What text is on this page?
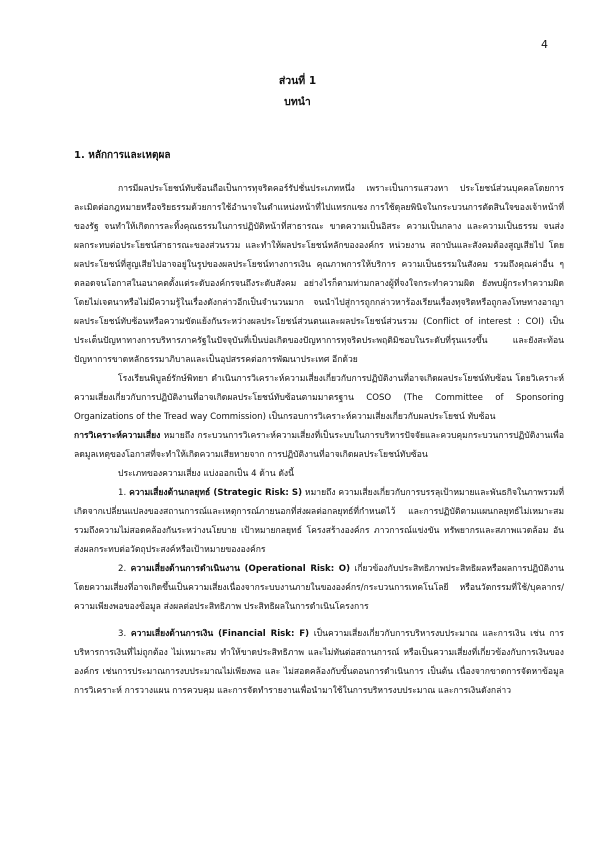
4
ส่วนที่ 1
บทนำ
1. หลักการและเหตุผล

การมีผลประโยชน์ทับซ้อนถือเป็นการทุจริตคอร์รัปชั่นประเภทหนึ่ง เพราะเป็นการแสวงหา ประโยชน์ส่วนบุคคลโดยการละเมิดต่อกฎหมายหรือจริยธรรมด้วยการใช้อำนาจในตำแหน่งหน้าที่ไปแทรกแซง การใช้ดุลยพินิจในกระบวนการตัดสินใจของเจ้าหน้าที่ของรัฐ จนทำให้เกิดการละทิ้งคุณธรรมในการปฏิบัติหน้าที่สาธารณะ ขาดความเป็นอิสระ ความเป็นกลาง และความเป็นธรรม จนส่งผลกระทบต่อประโยชน์สาธารณะของส่วนรวม และทำให้ผลประโยชน์หลักขององค์กร หน่วยงาน สถาบันและสังคมต้องสูญเสียไป โดยผลประโยชน์ที่สูญเสียไปอาจอยู่ในรูปของผลประโยชน์ทางการเงิน คุณภาพการให้บริการ ความเป็นธรรมในสังคม รวมถึงคุณค่าอื่น ๆ ตลอดจนโอกาสในอนาคตตั้งแต่ระดับองค์กรจนถึงระดับสังคม อย่างไรก็ตามท่ามกลางผู้ที่จงใจกระทำความผิด ยังพบผู้กระทำความผิดโดยไม่เจตนาหรือไม่มีความรู้ในเรื่องดังกล่าวอีกเป็นจำนวนมาก จนนำไปสู่การถูกกล่าวหาร้องเรียนเรื่องทุจริตหรือถูกลงโทษทางอาญาผลประโยชน์ทับซ้อนหรือความขัดแย้งกันระหว่างผลประโยชน์ส่วนตนและผลประโยชน์ส่วนรวม (Conflict of interest : COI) เป็นประเด็นปัญหาทางการบริหารภาครัฐในปัจจุบันที่เป็นบ่อเกิดของปัญหาการทุจริตประพฤติมิชอบในระดับที่รุนแรงขึ้น และยังสะท้อนปัญหาการขาดหลักธรรมาภิบาลและเป็นอุปสรรคต่อการพัฒนาประเทศ อีกด้วย

โรงเรียนพิบูลย์รักษ์พิทยา ดำเนินการวิเคราะห์ความเสี่ยงเกี่ยวกับการปฏิบัติงานที่อาจเกิดผลประโยชน์ทับซ้อน โดยวิเคราะห์ความเสี่ยงเกี่ยวกับการปฏิบัติงานที่อาจเกิดผลประโยชน์ทับซ้อนตามมาตรฐาน COSO (The Committee of Sponsoring Organizations of the Tread way Commission) เป็นกรอบการวิเคราะห์ความเสี่ยงเกี่ยวกับผลประโยชน์ ทับซ้อน

การวิเคราะห์ความเสี่ยง หมายถึง กระบวนการวิเคราะห์ความเสี่ยงที่เป็นระบบในการบริหารปัจจัยและควบคุมกระบวนการปฏิบัติงานเพื่อลดมูลเหตุของโอกาสที่จะทำให้เกิดความเสียหายจาก การปฏิบัติงานที่อาจเกิดผลประโยชน์ทับซ้อน

ประเภทของความเสี่ยง แบ่งออกเป็น 4 ด้าน ดังนี้

1. ความเสี่ยงด้านกลยุทธ์ (Strategic Risk: S) หมายถึง ความเสี่ยงเกี่ยวกับการบรรลุเป้าหมายและพันธกิจในภาพรวมที่เกิดจากเปลี่ยนแปลงของสถานการณ์และเหตุการณ์ภายนอกที่ส่งผลต่อกลยุทธ์ที่กำหนดไว้ และการปฏิบัติตามแผนกลยุทธ์ไม่เหมาะสม รวมถึงความไม่สอดคล้องกันระหว่างนโยบาย เป้าหมายกลยุทธ์ โครงสร้างองค์กร ภาวการณ์แข่งขัน ทรัพยากรและสภาพแวดล้อม อันส่งผลกระทบต่อวัตถุประสงค์หรือเป้าหมายขององค์กร

2. ความเสี่ยงด้านการดำเนินงาน (Operational Risk: O) เกี่ยวข้องกับประสิทธิภาพประสิทธิผลหรือผลการปฏิบัติงาน โดยความเสี่ยงที่อาจเกิดขึ้นเป็นความเสี่ยงเนื่องจากระบบงานภายในขององค์กร/กระบวนการเทคโนโลยี หรือนวัตกรรมที่ใช้/บุคลากร/ความเพียงพอของข้อมูล ส่งผลต่อประสิทธิภาพ ประสิทธิผลในการดำเนินโครงการ

3. ความเสี่ยงด้านการเงิน (Financial Risk: F) เป็นความเสี่ยงเกี่ยวกับการบริหารงบประมาณ และการเงิน เช่น การบริหารการเงินที่ไม่ถูกต้อง ไม่เหมาะสม ทำให้ขาดประสิทธิภาพ และไม่ทันต่อสถานการณ์ หรือเป็นความเสี่ยงที่เกี่ยวข้องกับการเงินขององค์กร เช่นการประมาณการงบประมาณไม่เพียงพอ และ ไม่สอดคล้องกับขั้นตอนการดำเนินการ เป็นต้น เนื่องจากขาดการจัดหาข้อมูล การวิเคราะห์ การวางแผน การควบคุม และการจัดทำรายงานเพื่อนำมาใช้ในการบริหารงบประมาณ และการเงินดังกล่าว
